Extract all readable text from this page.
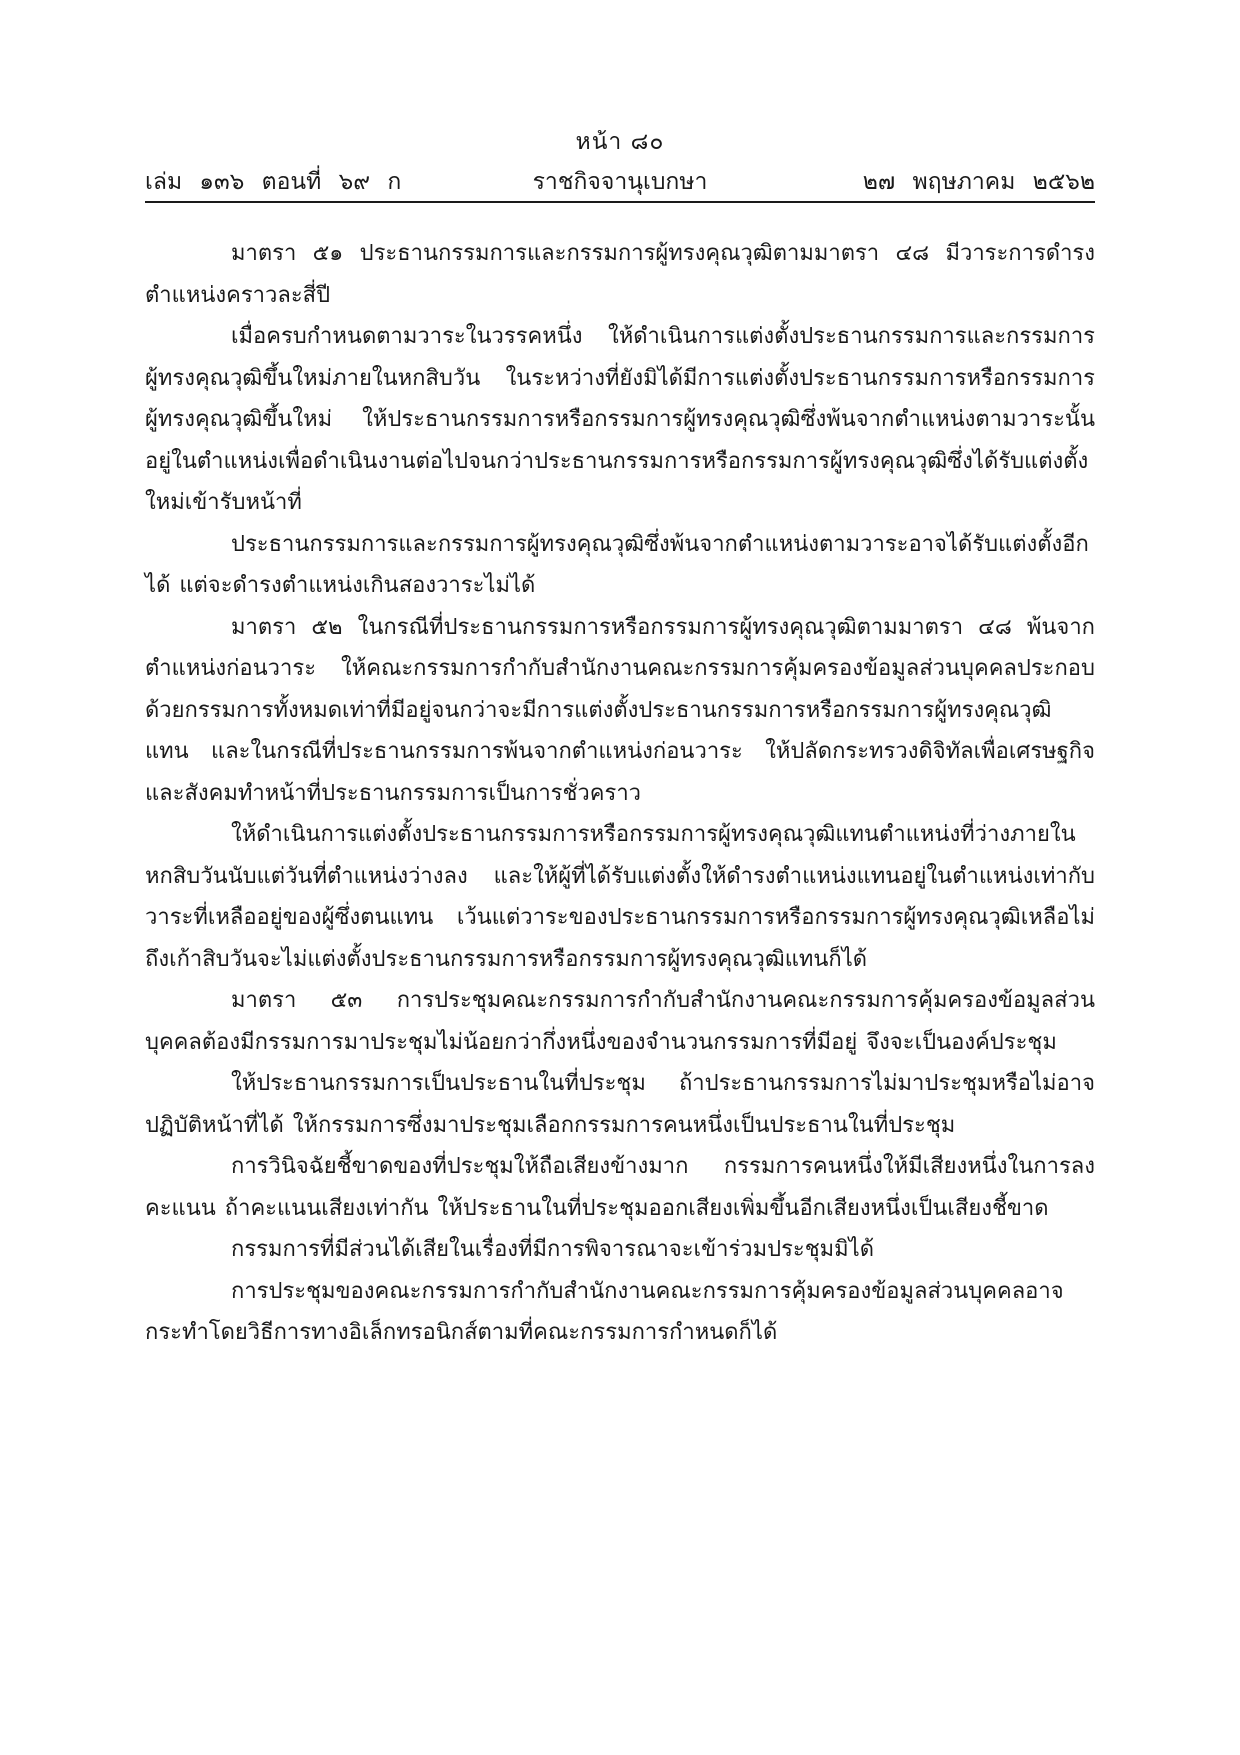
หน้า ๘๐
เล่ม ๑๓๖ ตอนที่ ๖๙ ก	ราชกิจจานุเบกษา	๒๗ พฤษภาคม ๒๕๖๒

มาตรา ๕๑ ประธานกรรมการและกรรมการผู้ทรงคุณวุฒิตามมาตรา ๔๘ มีวาระการดำรงตำแหน่งคราวละสี่ปี

เมื่อครบกำหนดตามวาระในวรรคหนึ่ง ให้ดำเนินการแต่งตั้งประธานกรรมการและกรรมการผู้ทรงคุณวุฒิขึ้นใหม่ภายในหกสิบวัน ในระหว่างที่ยังมิได้มีการแต่งตั้งประธานกรรมการหรือกรรมการผู้ทรงคุณวุฒิขึ้นใหม่ ให้ประธานกรรมการหรือกรรมการผู้ทรงคุณวุฒิซึ่งพ้นจากตำแหน่งตามวาระนั้นอยู่ในตำแหน่งเพื่อดำเนินงานต่อไปจนกว่าประธานกรรมการหรือกรรมการผู้ทรงคุณวุฒิซึ่งได้รับแต่งตั้งใหม่เข้ารับหน้าที่

ประธานกรรมการและกรรมการผู้ทรงคุณวุฒิซึ่งพ้นจากตำแหน่งตามวาระอาจได้รับแต่งตั้งอีกได้ แต่จะดำรงตำแหน่งเกินสองวาระไม่ได้

มาตรา ๕๒ ในกรณีที่ประธานกรรมการหรือกรรมการผู้ทรงคุณวุฒิตามมาตรา ๔๘ พ้นจากตำแหน่งก่อนวาระ ให้คณะกรรมการกำกับสำนักงานคณะกรรมการคุ้มครองข้อมูลส่วนบุคคลประกอบด้วยกรรมการทั้งหมดเท่าที่มีอยู่จนกว่าจะมีการแต่งตั้งประธานกรรมการหรือกรรมการผู้ทรงคุณวุฒิแทน และในกรณีที่ประธานกรรมการพ้นจากตำแหน่งก่อนวาระ ให้ปลัดกระทรวงดิจิทัลเพื่อเศรษฐกิจและสังคมทำหน้าที่ประธานกรรมการเป็นการชั่วคราว

ให้ดำเนินการแต่งตั้งประธานกรรมการหรือกรรมการผู้ทรงคุณวุฒิแทนตำแหน่งที่ว่างภายในหกสิบวันนับแต่วันที่ตำแหน่งว่างลง และให้ผู้ที่ได้รับแต่งตั้งให้ดำรงตำแหน่งแทนอยู่ในตำแหน่งเท่ากับวาระที่เหลืออยู่ของผู้ซึ่งตนแทน เว้นแต่วาระของประธานกรรมการหรือกรรมการผู้ทรงคุณวุฒิเหลือไม่ถึงเก้าสิบวันจะไม่แต่งตั้งประธานกรรมการหรือกรรมการผู้ทรงคุณวุฒิแทนก็ได้

มาตรา ๕๓ การประชุมคณะกรรมการกำกับสำนักงานคณะกรรมการคุ้มครองข้อมูลส่วนบุคคลต้องมีกรรมการมาประชุมไม่น้อยกว่ากึ่งหนึ่งของจำนวนกรรมการที่มีอยู่ จึงจะเป็นองค์ประชุม

ให้ประธานกรรมการเป็นประธานในที่ประชุม ถ้าประธานกรรมการไม่มาประชุมหรือไม่อาจปฏิบัติหน้าที่ได้ ให้กรรมการซึ่งมาประชุมเลือกกรรมการคนหนึ่งเป็นประธานในที่ประชุม

การวินิจฉัยชี้ขาดของที่ประชุมให้ถือเสียงข้างมาก กรรมการคนหนึ่งให้มีเสียงหนึ่งในการลงคะแนน ถ้าคะแนนเสียงเท่ากัน ให้ประธานในที่ประชุมออกเสียงเพิ่มขึ้นอีกเสียงหนึ่งเป็นเสียงชี้ขาด

กรรมการที่มีส่วนได้เสียในเรื่องที่มีการพิจารณาจะเข้าร่วมประชุมมิได้

การประชุมของคณะกรรมการกำกับสำนักงานคณะกรรมการคุ้มครองข้อมูลส่วนบุคคลอาจกระทำโดยวิธีการทางอิเล็กทรอนิกส์ตามที่คณะกรรมการกำหนดก็ได้
